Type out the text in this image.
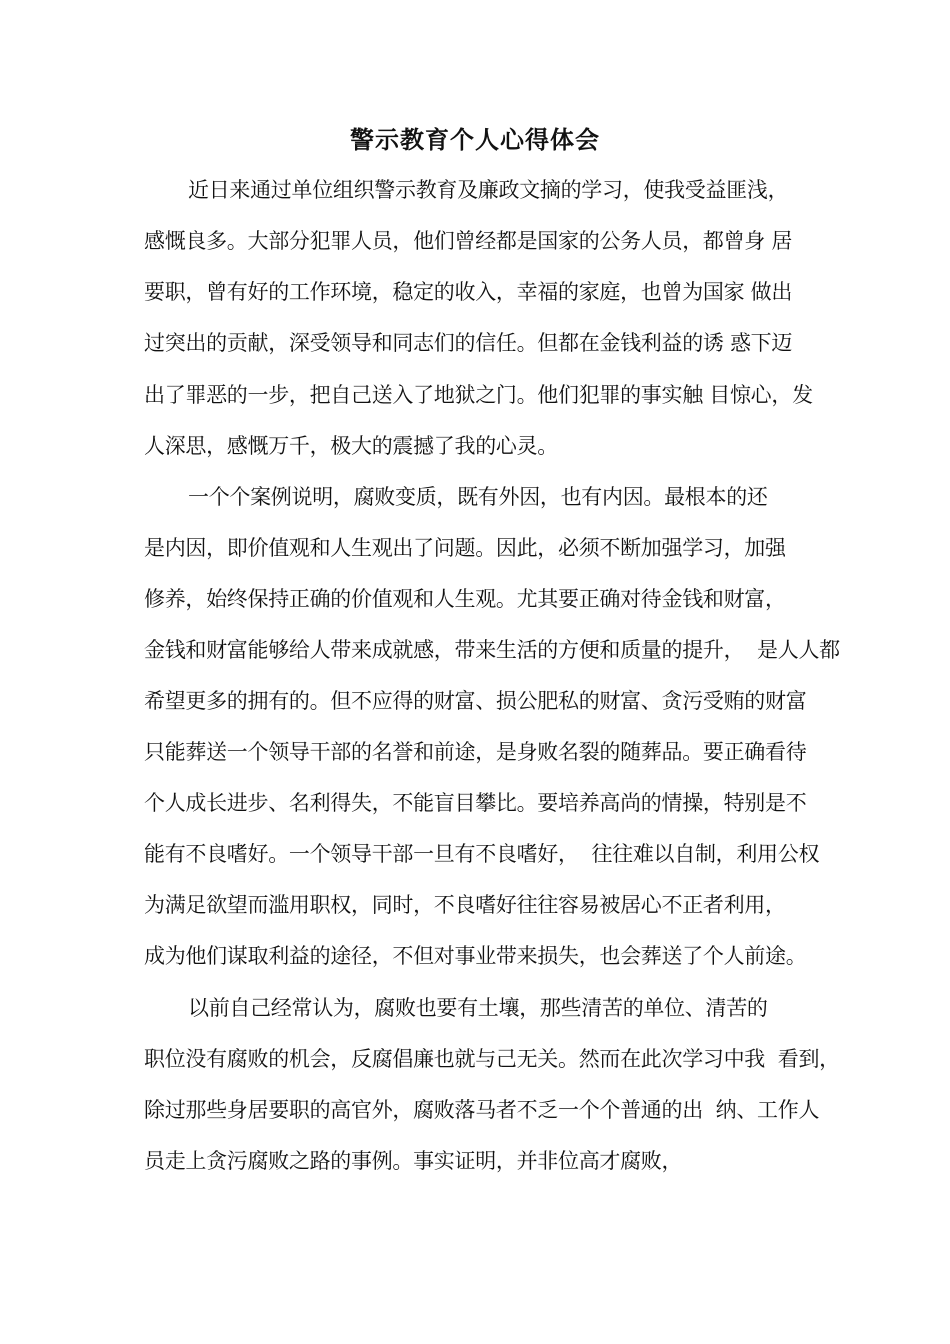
警示教育个人心得体会
近日来通过单位组织警示教育及廉政文摘的学习，使我受益匪浅，
感慨良多。大部分犯罪人员，他们曾经都是国家的公务人员，都曾身 居
要职，曾有好的工作环境，稳定的收入，幸福的家庭，也曾为国家 做出
过突出的贡献，深受领导和同志们的信任。但都在金钱利益的诱 惑下迈
出了罪恶的一步，把自己送入了地狱之门。他们犯罪的事实触 目惊心，发
人深思，感慨万千，极大的震撼了我的心灵。
一个个案例说明，腐败变质，既有外因，也有内因。最根本的还
是内因，即价值观和人生观出了问题。因此，必须不断加强学习，加强
修养，始终保持正确的价值观和人生观。尤其要正确对待金钱和财富，
金钱和财富能够给人带来成就感，带来生活的方便和质量的提升，  是人人都
希望更多的拥有的。但不应得的财富、损公肥私的财富、贪污受贿的财富
只能葬送一个领导干部的名誉和前途，是身败名裂的随葬品。要正确看待
个人成长进步、名利得失，不能盲目攀比。要培养高尚的情操，特别是不
能有不良嗜好。一个领导干部一旦有不良嗜好，  往往难以自制，利用公权
为满足欲望而滥用职权，同时，不良嗜好往往容易被居心不正者利用，
成为他们谋取利益的途径，不但对事业带来损失，也会葬送了个人前途。
以前自己经常认为，腐败也要有土壤，那些清苦的单位、清苦的
职位没有腐败的机会，反腐倡廉也就与己无关。然而在此次学习中我  看到，
除过那些身居要职的高官外，腐败落马者不乏一个个普通的出  纳、工作人
员走上贪污腐败之路的事例。事实证明，并非位高才腐败，
